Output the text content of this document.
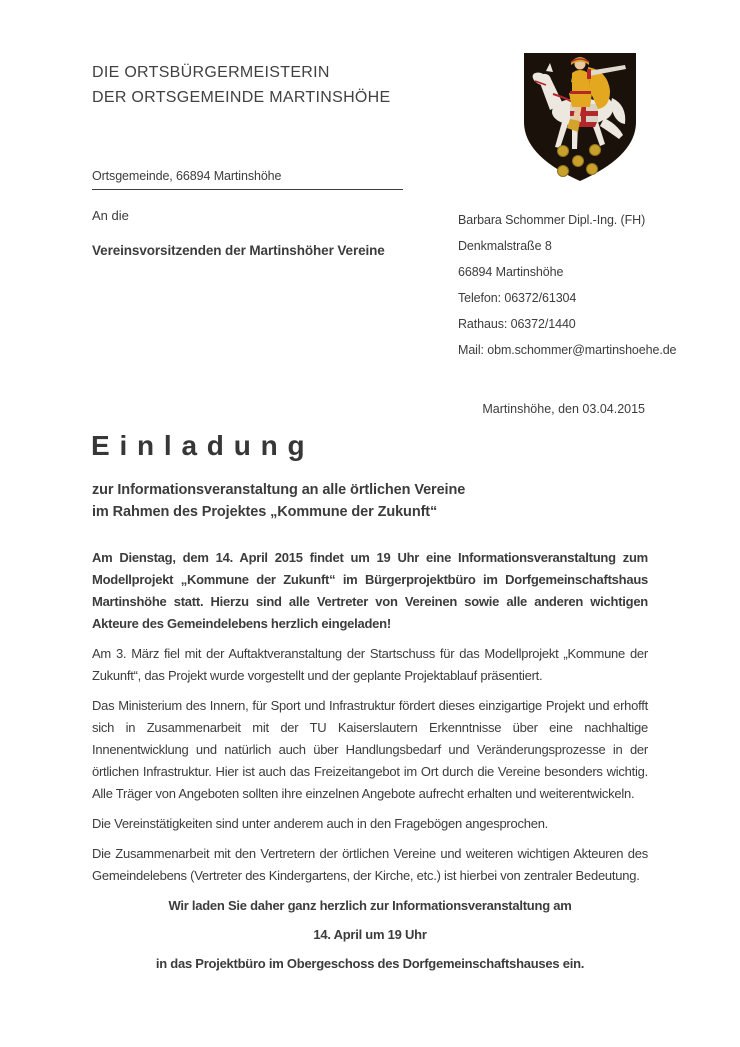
DIE ORTSBÜRGERMEISTERIN
DER ORTSGEMEINDE MARTINSHÖHE
Ortsgemeinde, 66894 Martinshöhe
An die
Vereinsvorsitzenden der Martinshöher Vereine
Barbara Schommer Dipl.-Ing. (FH)
Denkmalstraße 8
66894 Martinshöhe
Telefon: 06372/61304
Rathaus: 06372/1440
Mail: obm.schommer@martinshoehe.de
Martinshöhe, den 03.04.2015
E i n l a d u n g
zur Informationsveranstaltung an alle örtlichen Vereine
im Rahmen des Projektes „Kommune der Zukunft“

Am Dienstag, dem 14. April 2015 findet um 19 Uhr eine Informationsveranstaltung zum Modellprojekt „Kommune der Zukunft“ im Bürgerprojektbüro im Dorfgemeinschaftshaus Martinshöhe statt. Hierzu sind alle Vertreter von Vereinen sowie alle anderen wichtigen Akteure des Gemeindelebens herzlich eingeladen!

Am 3. März fiel mit der Auftaktveranstaltung der Startschuss für das Modellprojekt „Kommune der Zukunft“, das Projekt wurde vorgestellt und der geplante Projektablauf präsentiert.

Das Ministerium des Innern, für Sport und Infrastruktur fördert dieses einzigartige Projekt und erhofft sich in Zusammenarbeit mit der TU Kaiserslautern Erkenntnisse über eine nachhaltige Innenentwicklung und natürlich auch über Handlungsbedarf und Veränderungsprozesse in der örtlichen Infrastruktur. Hier ist auch das Freizeitangebot im Ort durch die Vereine besonders wichtig. Alle Träger von Angeboten sollten ihre einzelnen Angebote aufrecht erhalten und weiterentwickeln.

Die Vereinstätigkeiten sind unter anderem auch in den Fragebögen angesprochen.

Die Zusammenarbeit mit den Vertretern der örtlichen Vereine und weiteren wichtigen Akteuren des Gemeindelebens (Vertreter des Kindergartens, der Kirche, etc.) ist hierbei von zentraler Bedeutung.

Wir laden Sie daher ganz herzlich zur Informationsveranstaltung am

14. April um 19 Uhr

in das Projektbüro im Obergeschoss des Dorfgemeinschaftshauses ein.
